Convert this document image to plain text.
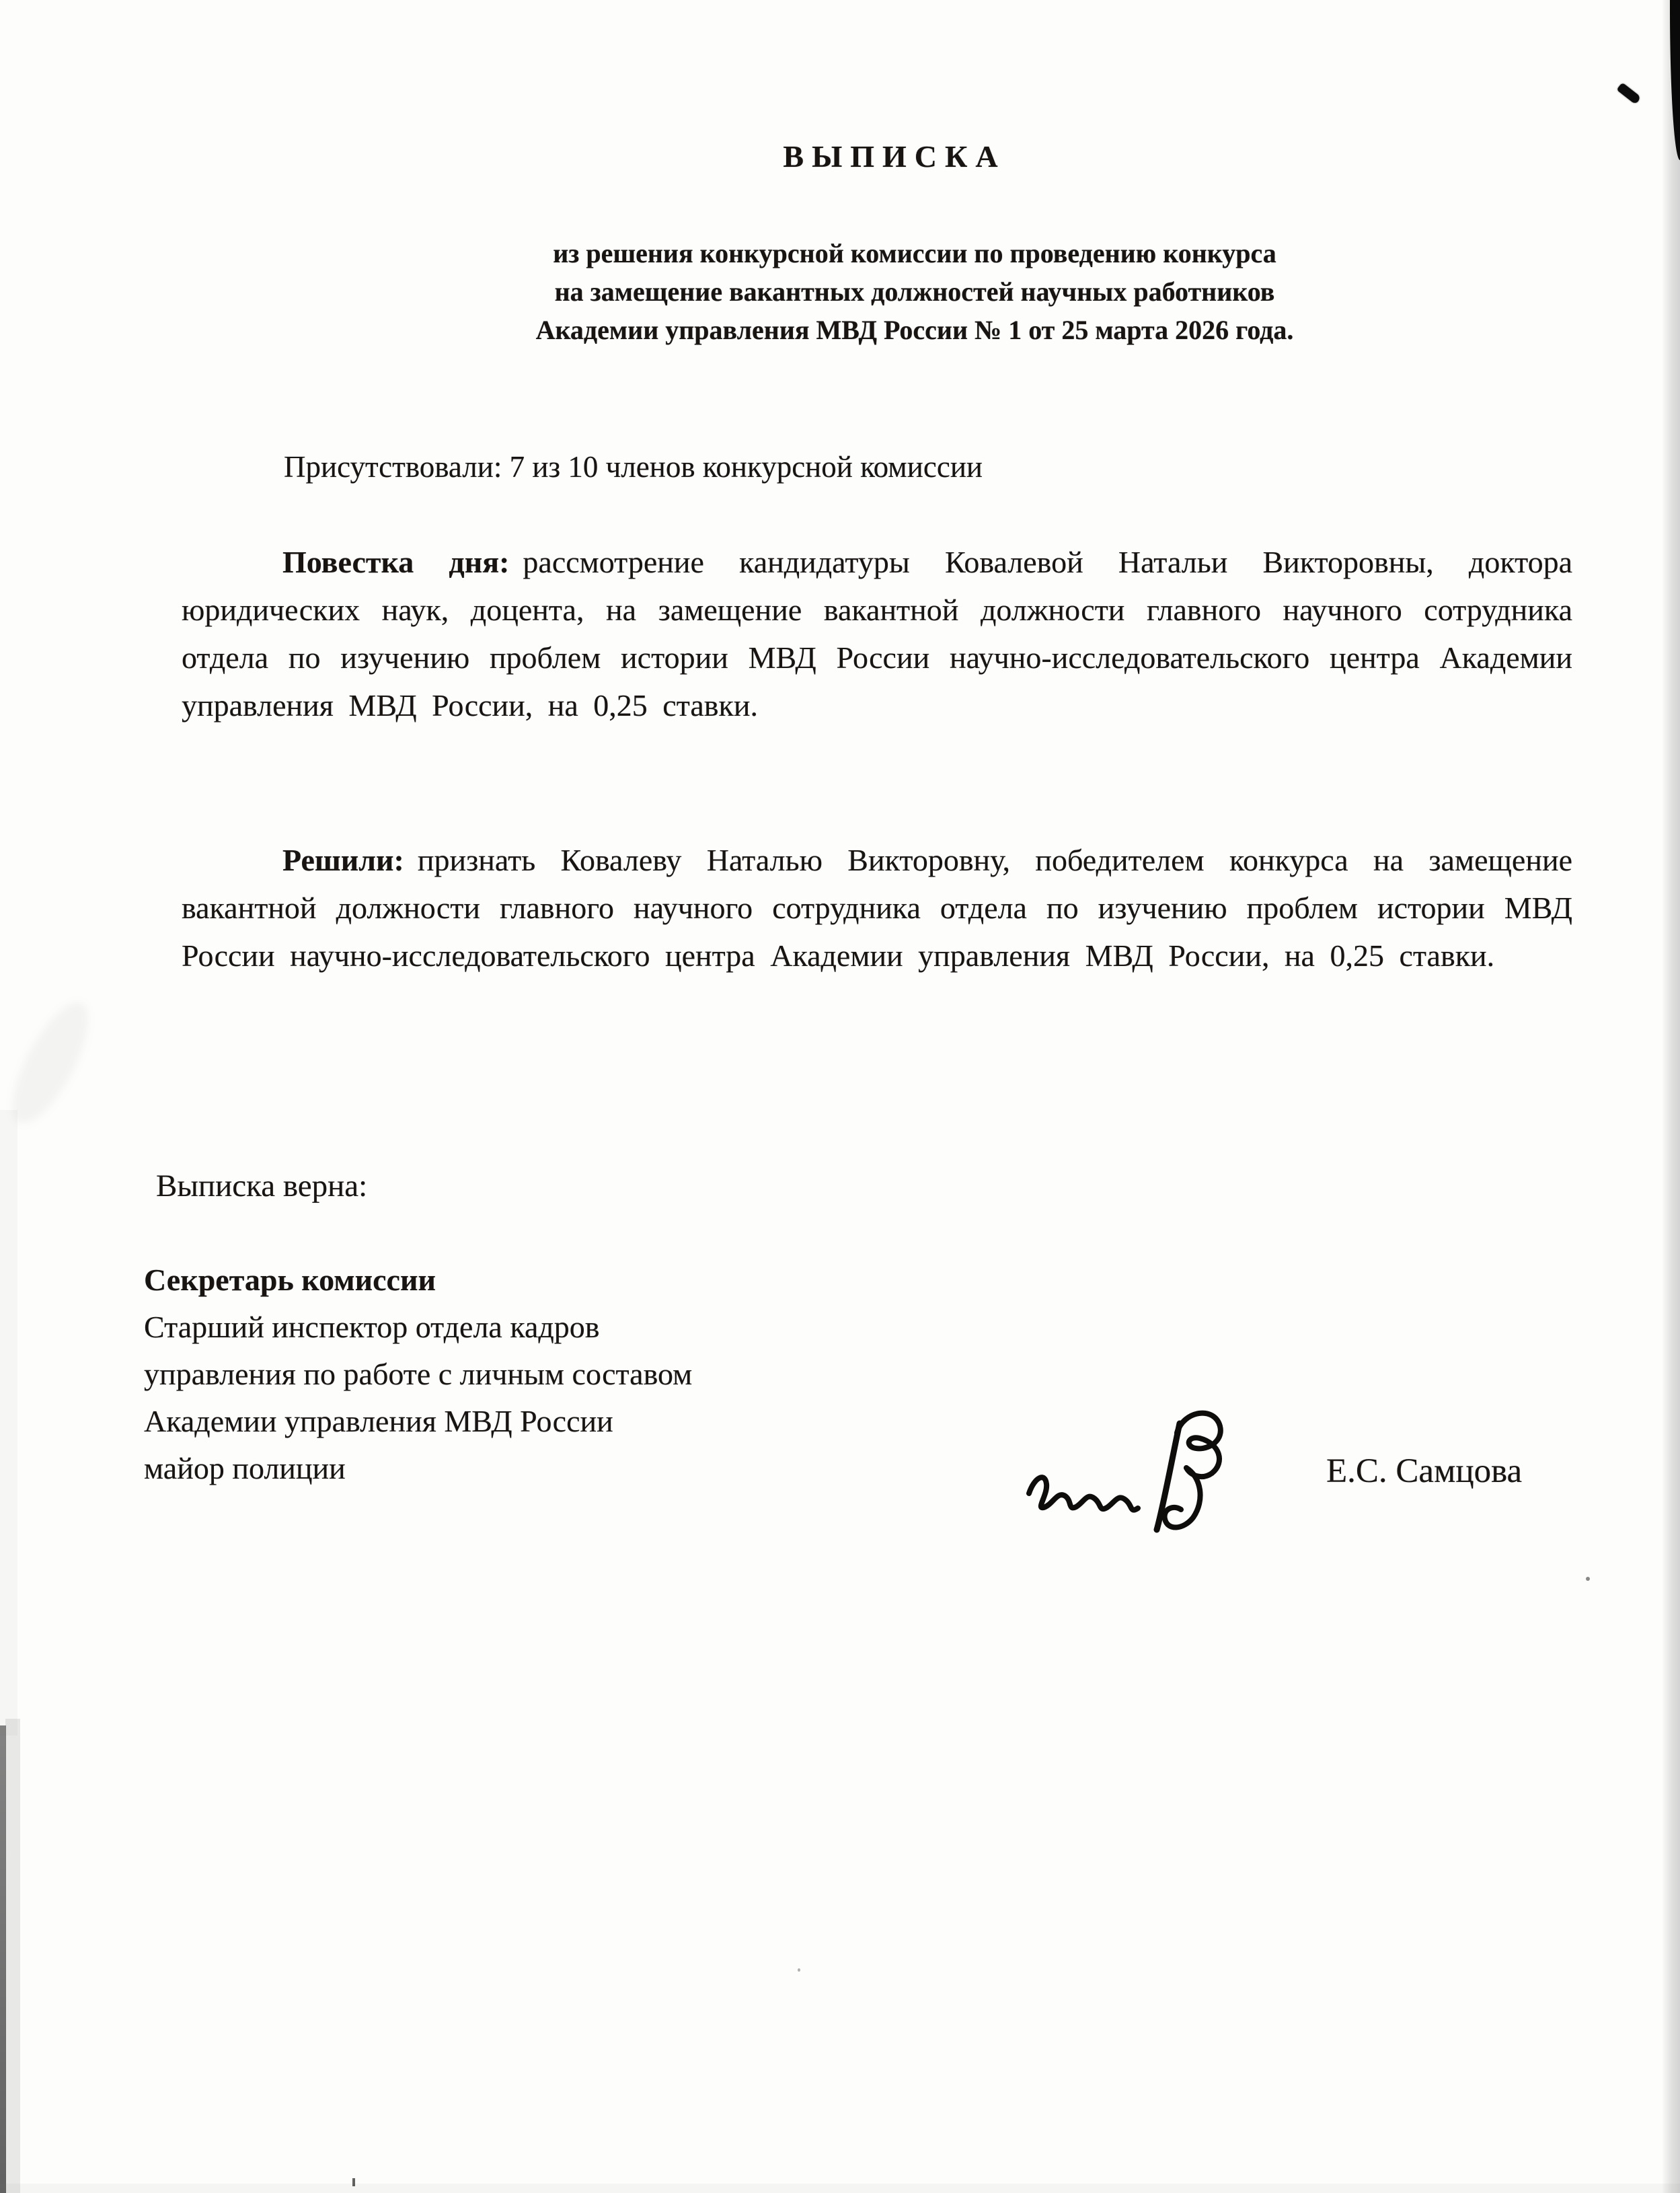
ВЫПИСКА
из решения конкурсной комиссии по проведению конкурса
на замещение вакантных должностей научных работников
Академии управления МВД России № 1 от 25 марта 2026 года.
Присутствовали: 7 из 10 членов конкурсной комиссии

Повестка дня: рассмотрение кандидатуры Ковалевой Натальи Викторовны, доктора юридических наук, доцента, на замещение вакантной должности главного научного сотрудника отдела по изучению проблем истории МВД России научно-исследовательского центра Академии управления МВД России, на 0,25 ставки.

Решили: признать Ковалеву Наталью Викторовну, победителем конкурса на замещение вакантной должности главного научного сотрудника отдела по изучению проблем истории МВД России научно-исследовательского центра Академии управления МВД России, на 0,25 ставки.

Выписка верна:
Секретарь комиссии
Старший инспектор отдела кадров
управления по работе с личным составом
Академии управления МВД России
майор полиции	Е.С. Самцова
